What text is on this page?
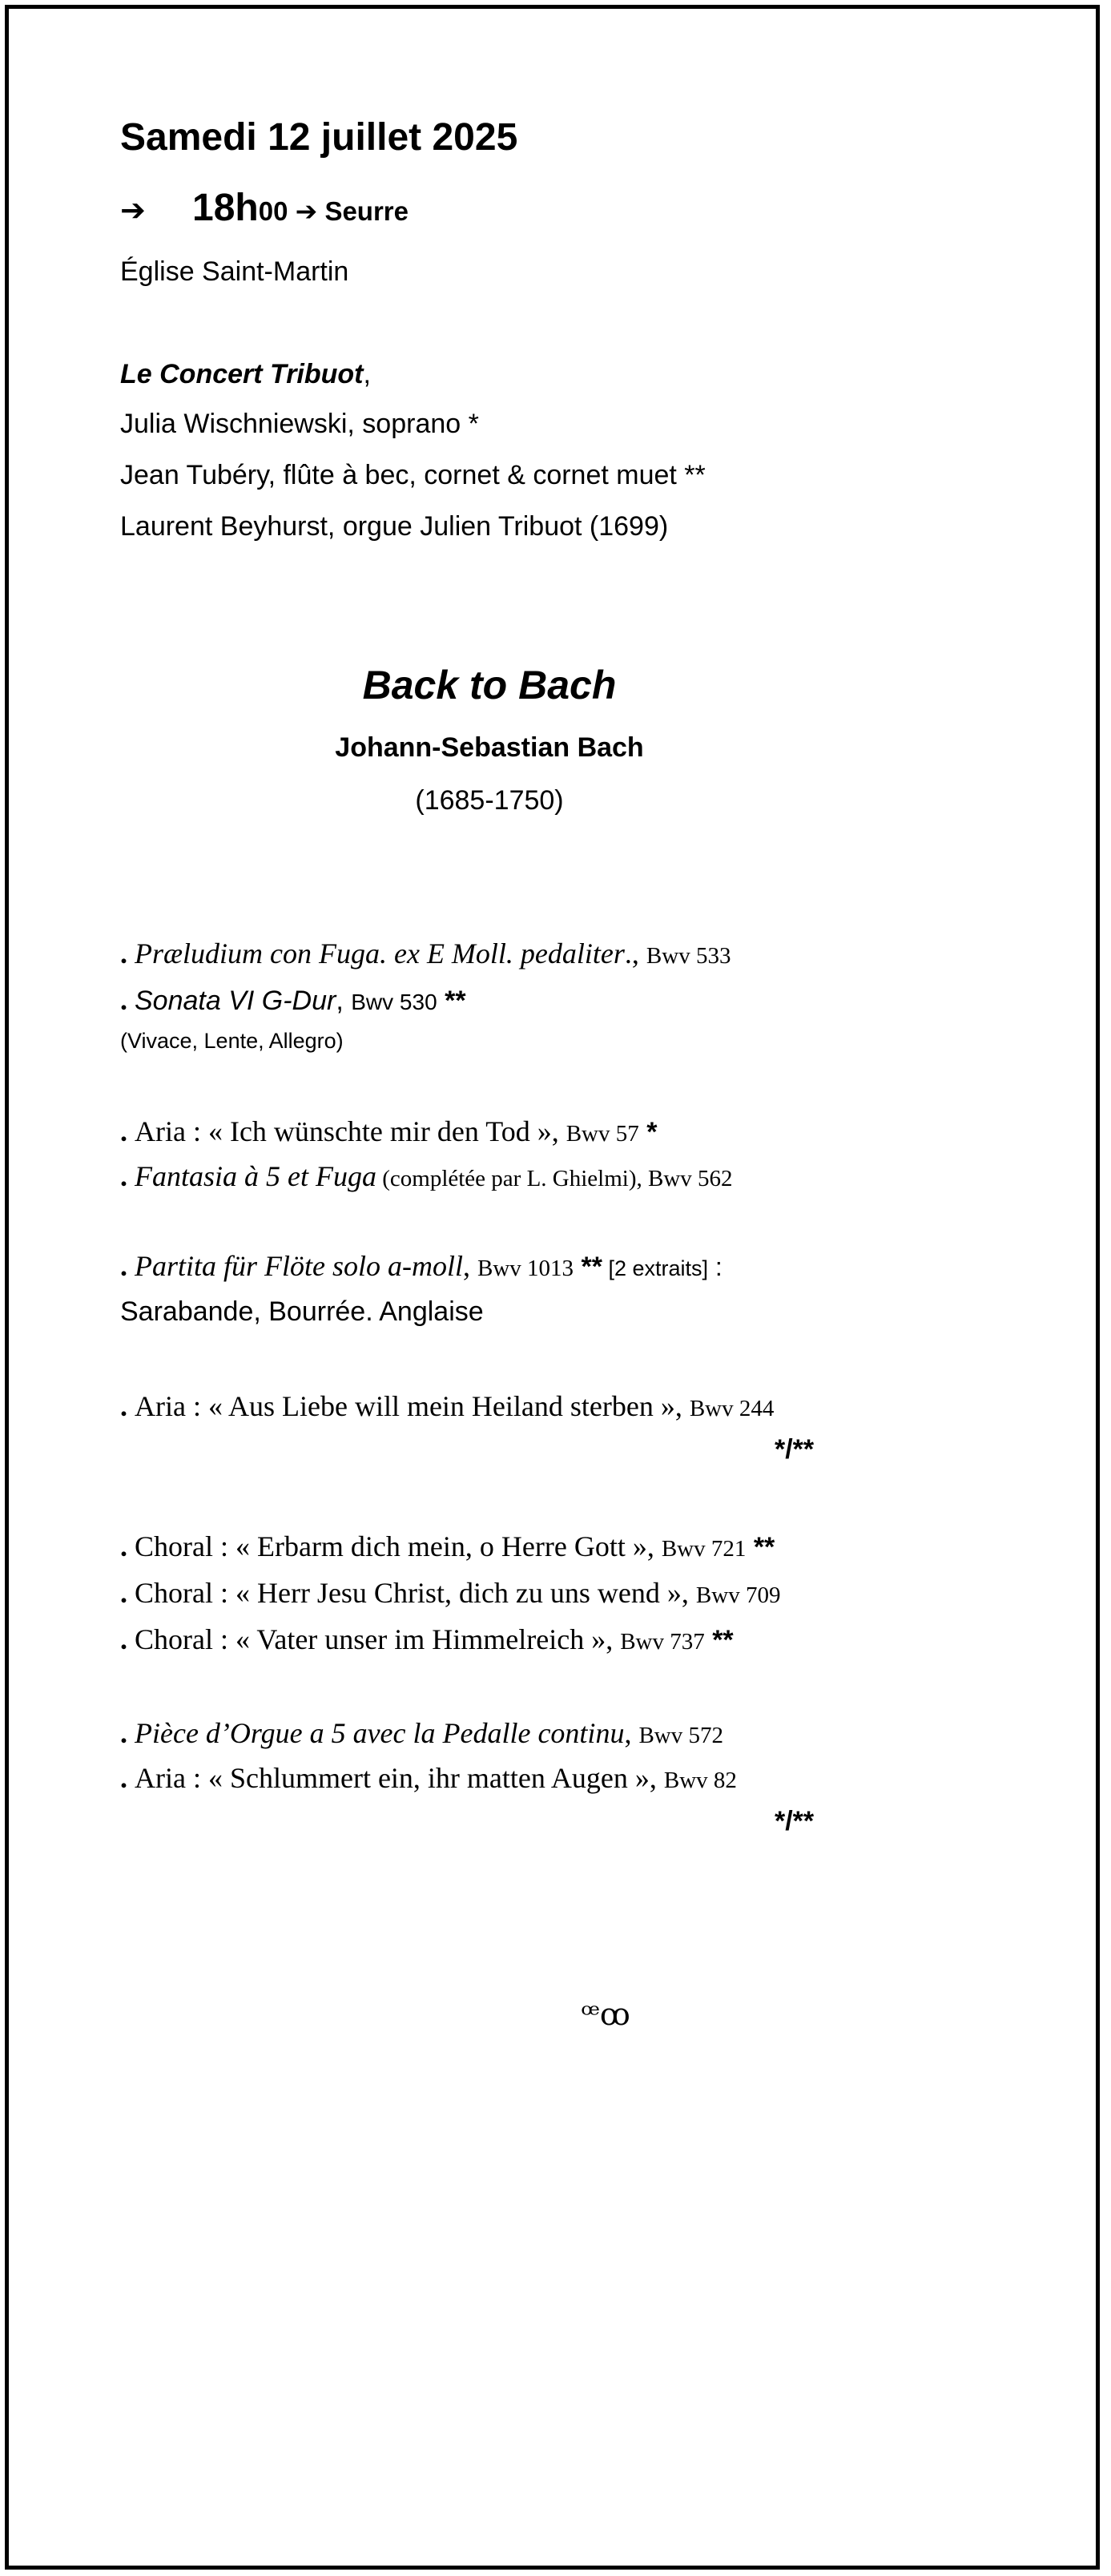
Samedi 12 juillet 2025
➔ 18h00 ➔ Seurre
Église Saint-Martin
Le Concert Tribuot,
Julia Wischniewski, soprano *
Jean Tubéry, flûte à bec, cornet & cornet muet **
Laurent Beyhurst, orgue Julien Tribuot (1699)
Back to Bach
Johann-Sebastian Bach
(1685-1750)
. Præludium con Fuga. ex E Moll. pedaliter., Bwv 533
. Sonata VI G-Dur, Bwv 530 **
(Vivace, Lente, Allegro)
. Aria : « Ich wünschte mir den Tod », Bwv 57 *
. Fantasia à 5 et Fuga (complétée par L. Ghielmi), Bwv 562
. Partita für Flöte solo a-moll, Bwv 1013 ** [2 extraits] :
Sarabande, Bourrée. Anglaise
. Aria : « Aus Liebe will mein Heiland sterben », Bwv 244
*/**
. Choral : « Erbarm dich mein, o Herre Gott », Bwv 721 **
. Choral : « Herr Jesu Christ, dich zu uns wend », Bwv 709
. Choral : « Vater unser im Himmelreich », Bwv 737 **
. Pièce d’Orgue a 5 avec la Pedalle continu, Bwv 572
. Aria : « Schlummert ein, ihr matten Augen », Bwv 82
*/**
ꟹꝏ
